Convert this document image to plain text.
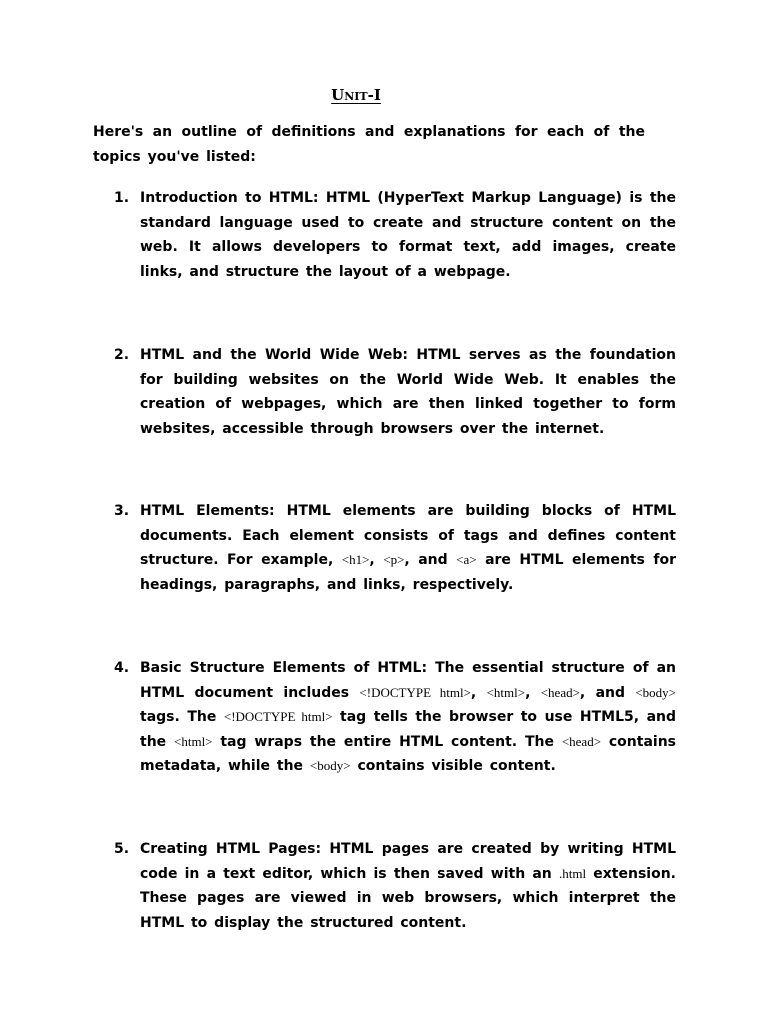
Unit-I
Here's an outline of definitions and explanations for each of the topics you've listed:
1. Introduction to HTML: HTML (HyperText Markup Language) is the standard language used to create and structure content on the web. It allows developers to format text, add images, create links, and structure the layout of a webpage.
2. HTML and the World Wide Web: HTML serves as the foundation for building websites on the World Wide Web. It enables the creation of webpages, which are then linked together to form websites, accessible through browsers over the internet.
3. HTML Elements: HTML elements are building blocks of HTML documents. Each element consists of tags and defines content structure. For example, <h1>, <p>, and <a> are HTML elements for headings, paragraphs, and links, respectively.
4. Basic Structure Elements of HTML: The essential structure of an HTML document includes <!DOCTYPE html>, <html>, <head>, and <body> tags. The <!DOCTYPE html> tag tells the browser to use HTML5, and the <html> tag wraps the entire HTML content. The <head> contains metadata, while the <body> contains visible content.
5. Creating HTML Pages: HTML pages are created by writing HTML code in a text editor, which is then saved with an .html extension. These pages are viewed in web browsers, which interpret the HTML to display the structured content.
